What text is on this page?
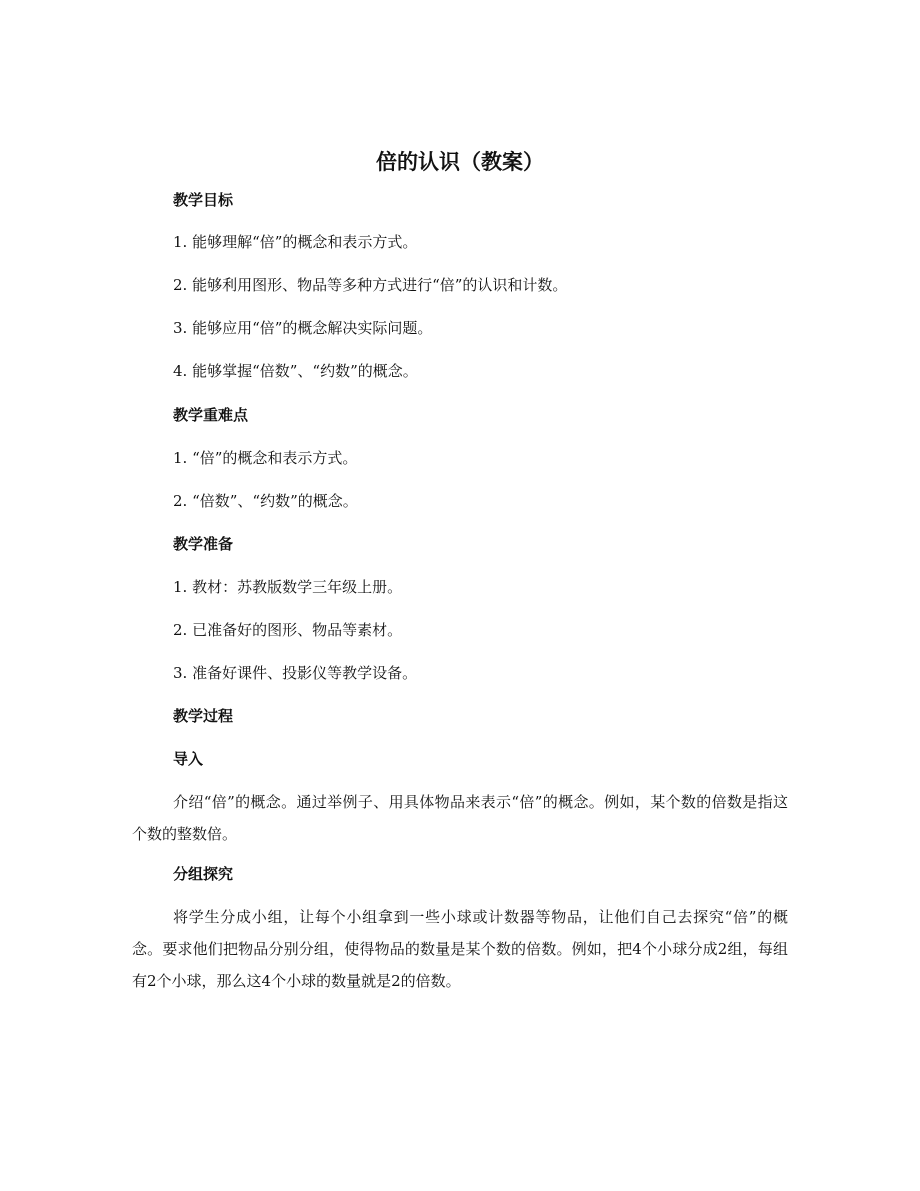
倍的认识（教案）
教学目标

1. 能够理解“倍”的概念和表示方式。

2. 能够利用图形、物品等多种方式进行“倍”的认识和计数。

3. 能够应用“倍”的概念解决实际问题。

4. 能够掌握“倍数”、“约数”的概念。

教学重难点

1. “倍”的概念和表示方式。

2. “倍数”、“约数”的概念。

教学准备

1. 教材：苏教版数学三年级上册。

2. 已准备好的图形、物品等素材。

3. 准备好课件、投影仪等教学设备。

教学过程
导入

介绍“倍”的概念。通过举例子、用具体物品来表示“倍”的概念。例如，某个数的倍数是指这个数的整数倍。

分组探究

将学生分成小组，让每个小组拿到一些小球或计数器等物品，让他们自己去探究“倍”的概念。要求他们把物品分别分组，使得物品的数量是某个数的倍数。例如，把4个小球分成2组，每组有2个小球，那么这4个小球的数量就是2的倍数。
